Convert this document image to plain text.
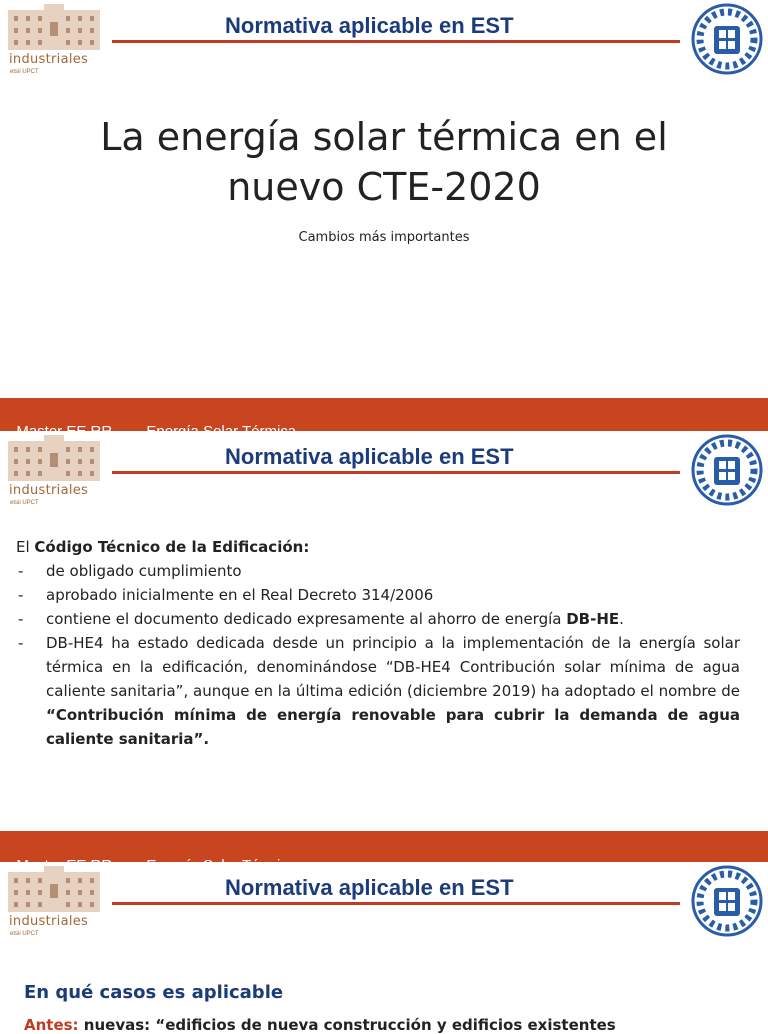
industriales
etsii UPCT
Normativa aplicable en EST
La energía solar térmica en el
nuevo CTE-2020
Cambios más importantes

industriales
etsii UPCT
Normativa aplicable en EST

El Código Técnico de la Edificación:

- de obligado cumplimiento
- aprobado inicialmente en el Real Decreto 314/2006
- contiene el documento dedicado expresamente al ahorro de energía DB-HE.
- DB-HE4 ha estado dedicada desde un principio a la implementación de la energía solar térmica en la edificación, denominándose “DB-HE4 Contribución solar mínima de agua caliente sanitaria”, aunque en la última edición (diciembre 2019) ha adoptado el nombre de “Contribución mínima de energía renovable para cubrir la demanda de agua caliente sanitaria”.

industriales
etsii UPCT
Normativa aplicable en EST
En qué casos es aplicable
Antes: nuevas: “edificios de nueva construcción y edificios existentes
